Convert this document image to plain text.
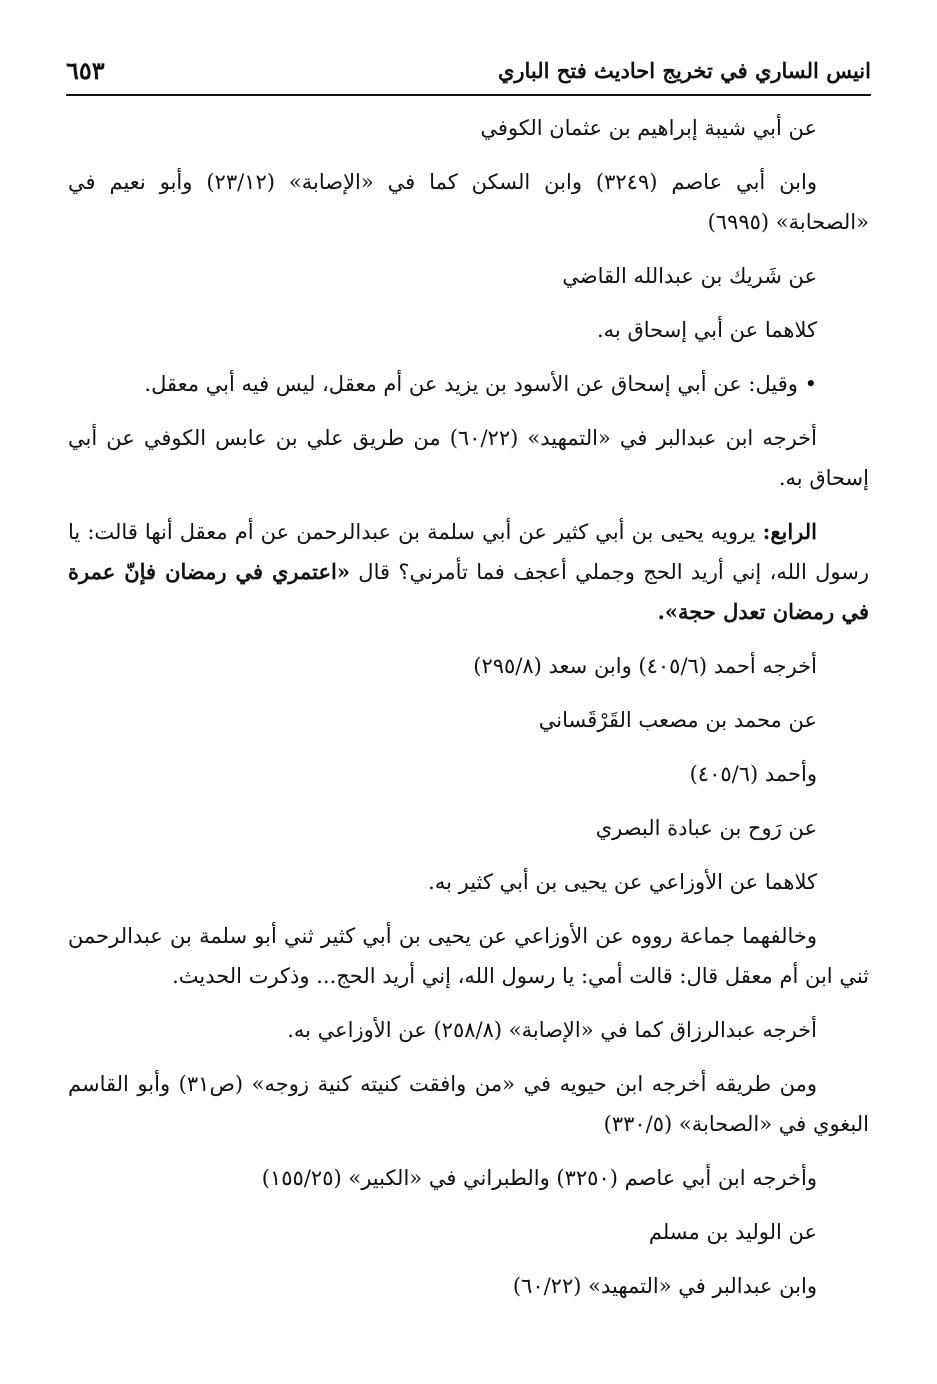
انيس الساري في تخريج احاديث فتح الباري
٦٥٣

عن أبي شيبة إبراهيم بن عثمان الكوفي

وابن أبي عاصم (٣٢٤٩) وابن السكن كما في «الإصابة» (٢٣/١٢) وأبو نعيم في «الصحابة» (٦٩٩٥)

عن شَريك بن عبدالله القاضي

كلاهما عن أبي إسحاق به.

• وقيل: عن أبي إسحاق عن الأسود بن يزيد عن أم معقل، ليس فيه أبي معقل.

أخرجه ابن عبدالبر في «التمهيد» (٦٠/٢٢) من طريق علي بن عابس الكوفي عن أبي إسحاق به.

الرابع: يرويه يحيى بن أبي كثير عن أبي سلمة بن عبدالرحمن عن أم معقل أنها قالت: يا رسول الله، إني أريد الحج وجملي أعجف فما تأمرني؟ قال «اعتمري في رمضان فإنّ عمرة في رمضان تعدل حجة».

أخرجه أحمد (٤٠٥/٦) وابن سعد (٢٩٥/٨)

عن محمد بن مصعب القَرْقَساني

وأحمد (٤٠٥/٦)

عن رَوح بن عبادة البصري

كلاهما عن الأوزاعي عن يحيى بن أبي كثير به.

وخالفهما جماعة رووه عن الأوزاعي عن يحيى بن أبي كثير ثني أبو سلمة بن عبدالرحمن ثني ابن أم معقل قال: قالت أمي: يا رسول الله، إني أريد الحج... وذكرت الحديث.

أخرجه عبدالرزاق كما في «الإصابة» (٢٥٨/٨) عن الأوزاعي به.

ومن طريقه أخرجه ابن حيويه في «من وافقت كنيته كنية زوجه» (ص٣١) وأبو القاسم البغوي في «الصحابة» (٣٣٠/٥)

وأخرجه ابن أبي عاصم (٣٢٥٠) والطبراني في «الكبير» (١٥٥/٢٥)

عن الوليد بن مسلم

وابن عبدالبر في «التمهيد» (٦٠/٢٢)
